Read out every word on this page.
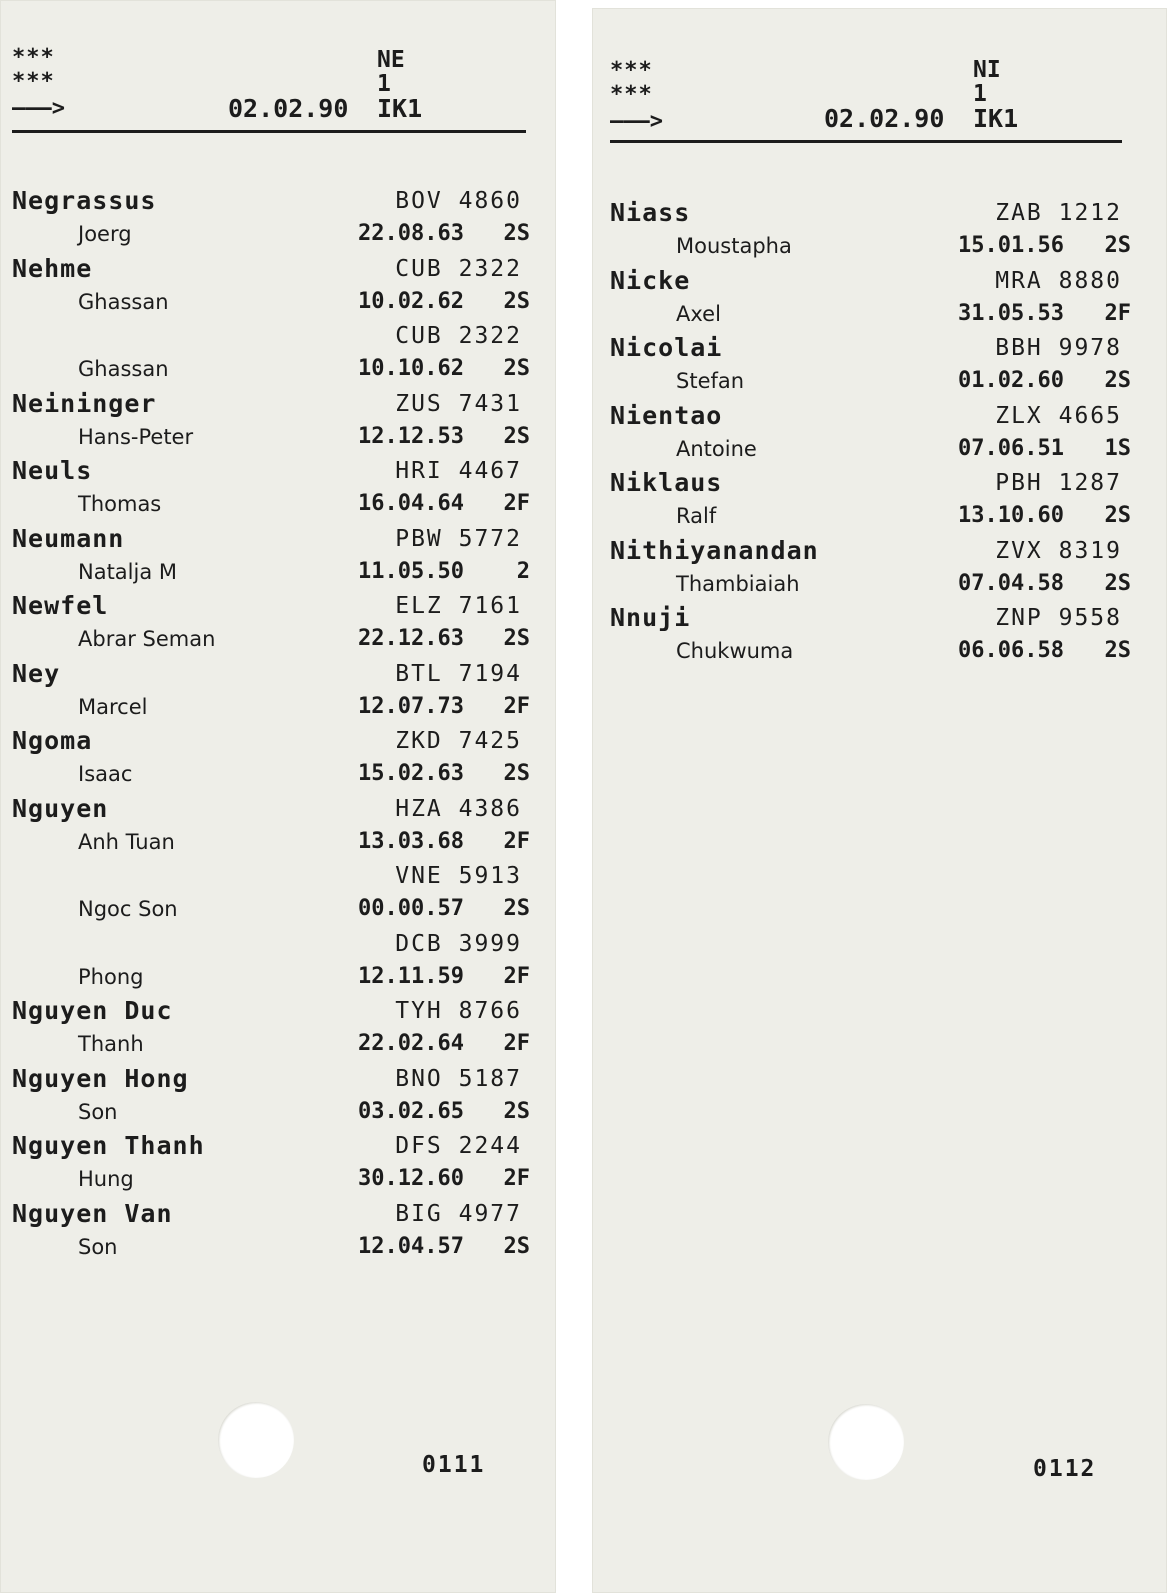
***
***
———>
NE
1
02.02.90 IK1
Negrassus
Joerg
BOV 4860
22.08.63 2S
Nehme
Ghassan
CUB 2322
10.02.62 2S
Ghassan
CUB 2322
10.10.62 2S
Neininger
Hans-Peter
ZUS 7431
12.12.53 2S
Neuls
Thomas
HRI 4467
16.04.64 2F
Neumann
Natalja M
PBW 5772
11.05.50 2
Newfel
Abrar Seman
ELZ 7161
22.12.63 2S
Ney
Marcel
BTL 7194
12.07.73 2F
Ngoma
Isaac
ZKD 7425
15.02.63 2S
Nguyen
Anh Tuan
HZA 4386
13.03.68 2F
Ngoc Son
VNE 5913
00.00.57 2S
Phong
DCB 3999
12.11.59 2F
Nguyen Duc
Thanh
TYH 8766
22.02.64 2F
Nguyen Hong
Son
BNO 5187
03.02.65 2S
Nguyen Thanh
Hung
DFS 2244
30.12.60 2F
Nguyen Van
Son
BIG 4977
12.04.57 2S
0111
***
***
———>
NI
1
02.02.90 IK1
Niass
Moustapha
ZAB 1212
15.01.56 2S
Nicke
Axel
MRA 8880
31.05.53 2F
Nicolai
Stefan
BBH 9978
01.02.60 2S
Nientao
Antoine
ZLX 4665
07.06.51 1S
Niklaus
Ralf
PBH 1287
13.10.60 2S
Nithiyanandan
Thambiaiah
ZVX 8319
07.04.58 2S
Nnuji
Chukwuma
ZNP 9558
06.06.58 2S
0112
